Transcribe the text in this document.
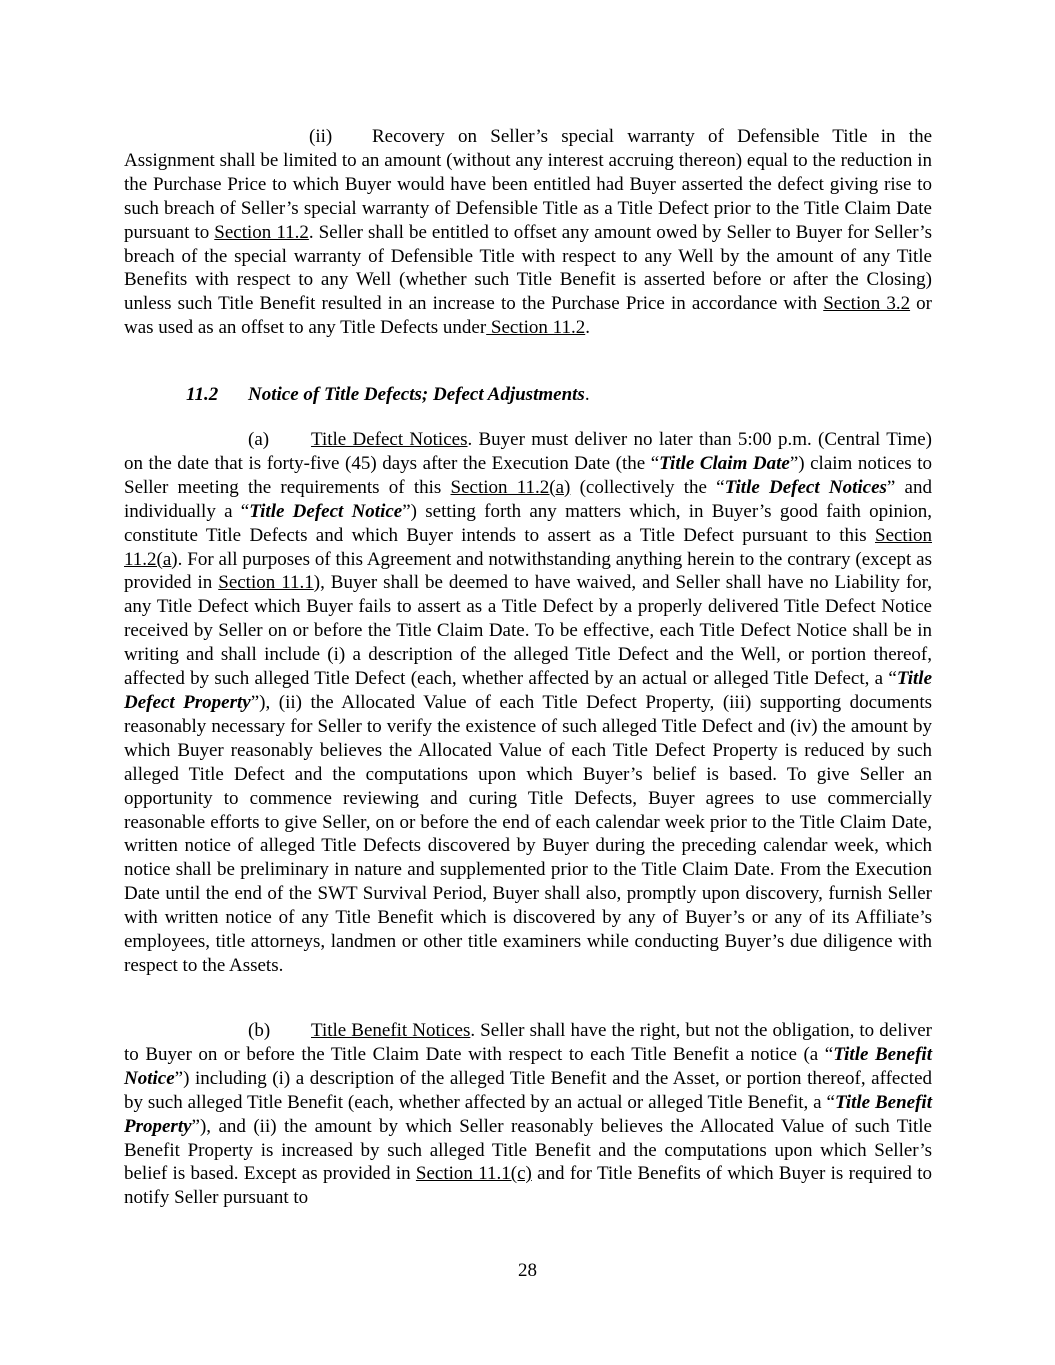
(ii) Recovery on Seller’s special warranty of Defensible Title in the Assignment shall be limited to an amount (without any interest accruing thereon) equal to the reduction in the Purchase Price to which Buyer would have been entitled had Buyer asserted the defect giving rise to such breach of Seller’s special warranty of Defensible Title as a Title Defect prior to the Title Claim Date pursuant to Section 11.2. Seller shall be entitled to offset any amount owed by Seller to Buyer for Seller’s breach of the special warranty of Defensible Title with respect to any Well by the amount of any Title Benefits with respect to any Well (whether such Title Benefit is asserted before or after the Closing) unless such Title Benefit resulted in an increase to the Purchase Price in accordance with Section 3.2 or was used as an offset to any Title Defects under Section 11.2.

11.2 Notice of Title Defects; Defect Adjustments.

(a) Title Defect Notices. Buyer must deliver no later than 5:00 p.m. (Central Time) on the date that is forty-five (45) days after the Execution Date (the “Title Claim Date”) claim notices to Seller meeting the requirements of this Section 11.2(a) (collectively the “Title Defect Notices” and individually a “Title Defect Notice”) setting forth any matters which, in Buyer’s good faith opinion, constitute Title Defects and which Buyer intends to assert as a Title Defect pursuant to this Section 11.2(a). For all purposes of this Agreement and notwithstanding anything herein to the contrary (except as provided in Section 11.1), Buyer shall be deemed to have waived, and Seller shall have no Liability for, any Title Defect which Buyer fails to assert as a Title Defect by a properly delivered Title Defect Notice received by Seller on or before the Title Claim Date. To be effective, each Title Defect Notice shall be in writing and shall include (i) a description of the alleged Title Defect and the Well, or portion thereof, affected by such alleged Title Defect (each, whether affected by an actual or alleged Title Defect, a “Title Defect Property”), (ii) the Allocated Value of each Title Defect Property, (iii) supporting documents reasonably necessary for Seller to verify the existence of such alleged Title Defect and (iv) the amount by which Buyer reasonably believes the Allocated Value of each Title Defect Property is reduced by such alleged Title Defect and the computations upon which Buyer’s belief is based. To give Seller an opportunity to commence reviewing and curing Title Defects, Buyer agrees to use commercially reasonable efforts to give Seller, on or before the end of each calendar week prior to the Title Claim Date, written notice of alleged Title Defects discovered by Buyer during the preceding calendar week, which notice shall be preliminary in nature and supplemented prior to the Title Claim Date. From the Execution Date until the end of the SWT Survival Period, Buyer shall also, promptly upon discovery, furnish Seller with written notice of any Title Benefit which is discovered by any of Buyer’s or any of its Affiliate’s employees, title attorneys, landmen or other title examiners while conducting Buyer’s due diligence with respect to the Assets.

(b) Title Benefit Notices. Seller shall have the right, but not the obligation, to deliver to Buyer on or before the Title Claim Date with respect to each Title Benefit a notice (a “Title Benefit Notice”) including (i) a description of the alleged Title Benefit and the Asset, or portion thereof, affected by such alleged Title Benefit (each, whether affected by an actual or alleged Title Benefit, a “Title Benefit Property”), and (ii) the amount by which Seller reasonably believes the Allocated Value of such Title Benefit Property is increased by such alleged Title Benefit and the computations upon which Seller’s belief is based. Except as provided in Section 11.1(c) and for Title Benefits of which Buyer is required to notify Seller pursuant to

28
